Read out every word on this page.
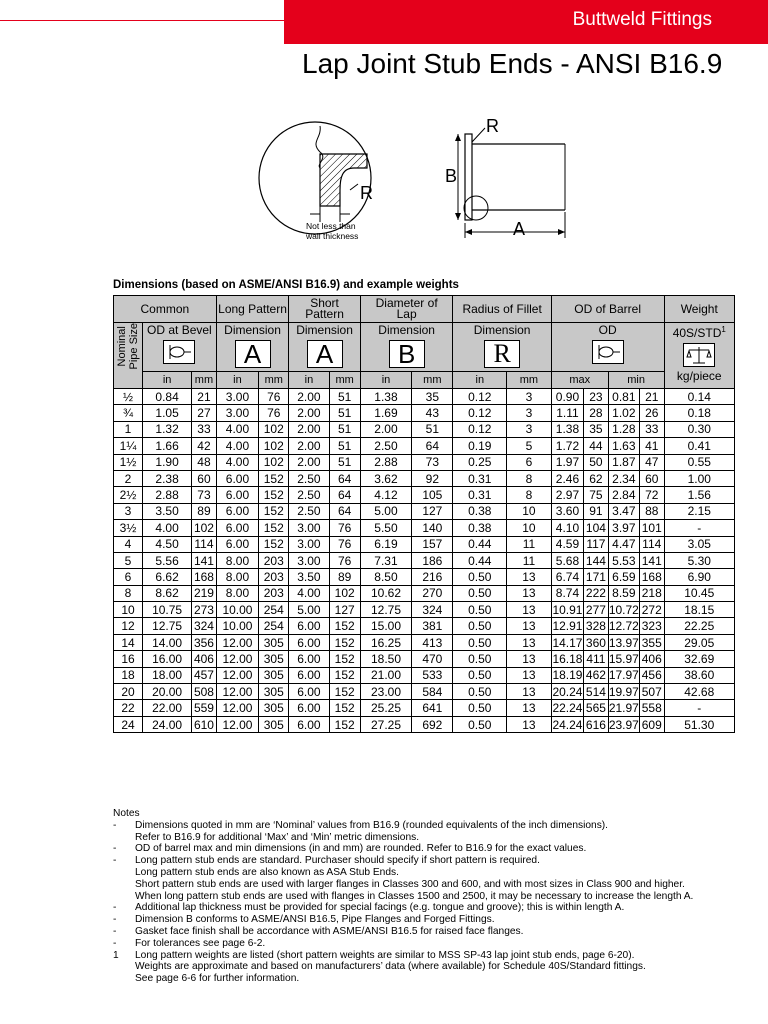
Buttweld Fittings
Lap Joint Stub Ends - ANSI B16.9
R
Not less than
wall thickness
R
B
A
Dimensions (based on ASME/ANSI B16.9) and example weights
Common			Long Pattern		Short
Pattern		Diameter of
Lap		Radius of Fillet		OD of Barrel				Weight
Nominal
Pipe Size	OD at Bevel		Dimension
A		Dimension
A		Dimension
B		Dimension
R		OD				40S/STD$^1$

kg/piece
	in	mm	in	mm	in	mm	in	mm	in	mm	max		min		
½	0.84	21	3.00	76	2.00	51	1.38	35	0.12	3	0.90	23	0.81	21	0.14
¾	1.05	27	3.00	76	2.00	51	1.69	43	0.12	3	1.11	28	1.02	26	0.18
1	1.32	33	4.00	102	2.00	51	2.00	51	0.12	3	1.38	35	1.28	33	0.30
1¼	1.66	42	4.00	102	2.00	51	2.50	64	0.19	5	1.72	44	1.63	41	0.41
1½	1.90	48	4.00	102	2.00	51	2.88	73	0.25	6	1.97	50	1.87	47	0.55
2	2.38	60	6.00	152	2.50	64	3.62	92	0.31	8	2.46	62	2.34	60	1.00
2½	2.88	73	6.00	152	2.50	64	4.12	105	0.31	8	2.97	75	2.84	72	1.56
3	3.50	89	6.00	152	2.50	64	5.00	127	0.38	10	3.60	91	3.47	88	2.15
3½	4.00	102	6.00	152	3.00	76	5.50	140	0.38	10	4.10	104	3.97	101	-
4	4.50	114	6.00	152	3.00	76	6.19	157	0.44	11	4.59	117	4.47	114	3.05
5	5.56	141	8.00	203	3.00	76	7.31	186	0.44	11	5.68	144	5.53	141	5.30
6	6.62	168	8.00	203	3.50	89	8.50	216	0.50	13	6.74	171	6.59	168	6.90
8	8.62	219	8.00	203	4.00	102	10.62	270	0.50	13	8.74	222	8.59	218	10.45
10	10.75	273	10.00	254	5.00	127	12.75	324	0.50	13	10.91	277	10.72	272	18.15
12	12.75	324	10.00	254	6.00	152	15.00	381	0.50	13	12.91	328	12.72	323	22.25
14	14.00	356	12.00	305	6.00	152	16.25	413	0.50	13	14.17	360	13.97	355	29.05
16	16.00	406	12.00	305	6.00	152	18.50	470	0.50	13	16.18	411	15.97	406	32.69
18	18.00	457	12.00	305	6.00	152	21.00	533	0.50	13	18.19	462	17.97	456	38.60
20	20.00	508	12.00	305	6.00	152	23.00	584	0.50	13	20.24	514	19.97	507	42.68
22	22.00	559	12.00	305	6.00	152	25.25	641	0.50	13	22.24	565	21.97	558	-
24	24.00	610	12.00	305	6.00	152	27.25	692	0.50	13	24.24	616	23.97	609	51.30
Notes
-	Dimensions quoted in mm are ‘Nominal’ values from B16.9 (rounded equivalents of the inch dimensions).
Refer to B16.9 for additional ‘Max’ and ‘Min’ metric dimensions.
-	OD of barrel max and min dimensions (in and mm) are rounded. Refer to B16.9 for the exact values.
-	Long pattern stub ends are standard. Purchaser should specify if short pattern is required.
Long pattern stub ends are also known as ASA Stub Ends.
Short pattern stub ends are used with larger flanges in Classes 300 and 600, and with most sizes in Class 900 and higher.
When long pattern stub ends are used with flanges in Classes 1500 and 2500, it may be necessary to increase the length A.
-	Additional lap thickness must be provided for special facings (e.g. tongue and groove); this is within length A.
-	Dimension B conforms to ASME/ANSI B16.5, Pipe Flanges and Forged Fittings.
-	Gasket face finish shall be accordance with ASME/ANSI B16.5 for raised face flanges.
-	For tolerances see page 6-2.
1	Long pattern weights are listed (short pattern weights are similar to MSS SP-43 lap joint stub ends, page 6-20).
Weights are approximate and based on manufacturers’ data (where available) for Schedule 40S/Standard fittings.
See page 6-6 for further information.
